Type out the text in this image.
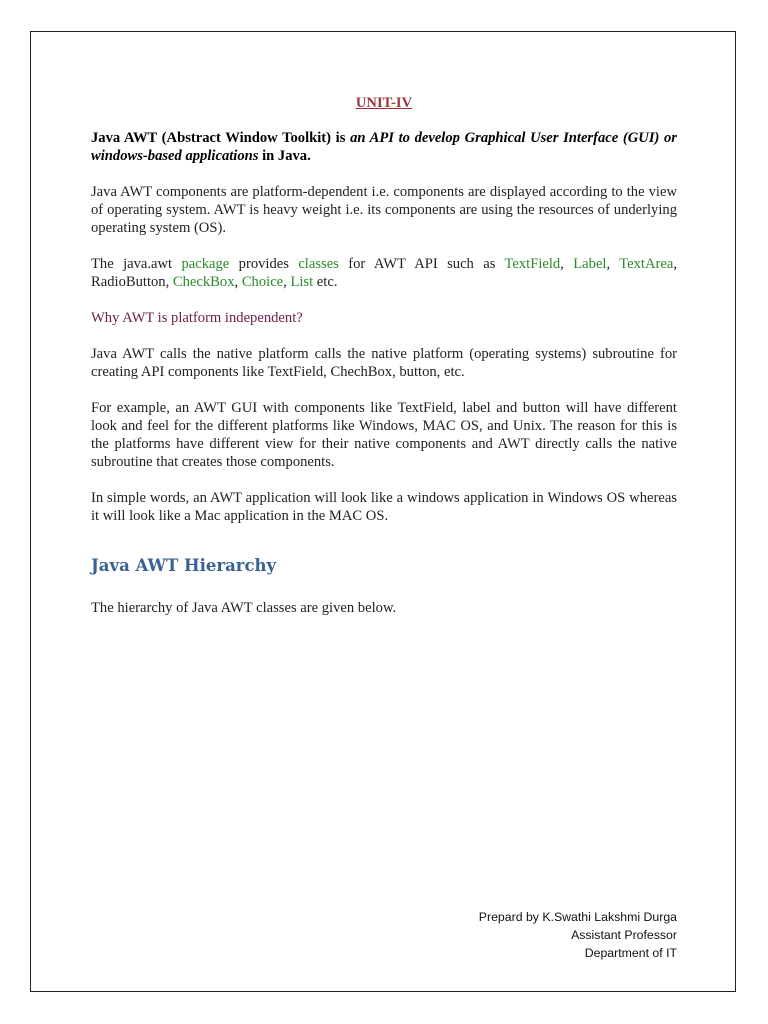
UNIT-IV

Java AWT (Abstract Window Toolkit) is an API to develop Graphical User Interface (GUI) or windows-based applications in Java.

Java AWT components are platform-dependent i.e. components are displayed according to the view of operating system. AWT is heavy weight i.e. its components are using the resources of underlying operating system (OS).

The java.awt package provides classes for AWT API such as TextField, Label, TextArea, RadioButton, CheckBox, Choice, List etc.

Why AWT is platform independent?

Java AWT calls the native platform calls the native platform (operating systems) subroutine for creating API components like TextField, ChechBox, button, etc.

For example, an AWT GUI with components like TextField, label and button will have different look and feel for the different platforms like Windows, MAC OS, and Unix. The reason for this is the platforms have different view for their native components and AWT directly calls the native subroutine that creates those components.

In simple words, an AWT application will look like a windows application in Windows OS whereas it will look like a Mac application in the MAC OS.

Java AWT Hierarchy

The hierarchy of Java AWT classes are given below.

Prepard by K.Swathi Lakshmi Durga
Assistant Professor
Department of IT
